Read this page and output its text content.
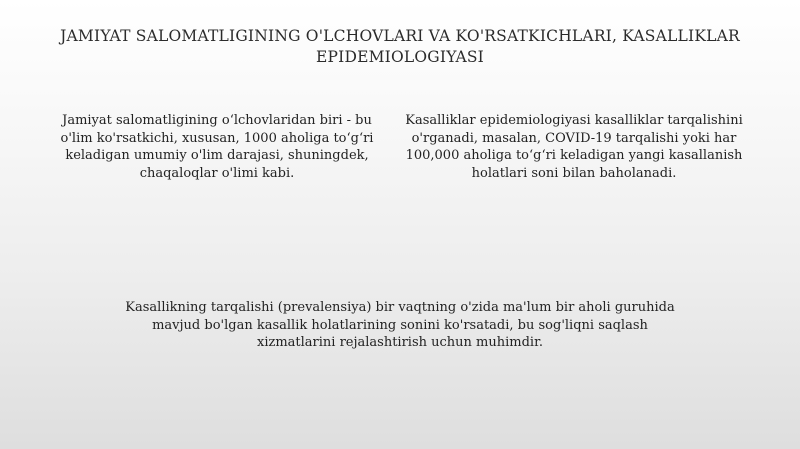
JAMIYAT SALOMATLIGINING O'LCHOVLARI VA KO'RSATKICHLARI, KASALLIKLAR EPIDEMIOLOGIYASI
Jamiyat salomatligining o‘lchovlaridan biri - bu o'lim ko'rsatkichi, xususan, 1000 aholiga to‘g‘ri keladigan umumiy o'lim darajasi, shuningdek, chaqaloqlar o'limi kabi.
Kasalliklar epidemiologiyasi kasalliklar tarqalishini o'rganadi, masalan, COVID-19 tarqalishi yoki har 100,000 aholiga to‘g‘ri keladigan yangi kasallanish holatlari soni bilan baholanadi.
Kasallikning tarqalishi (prevalensiya) bir vaqtning o'zida ma'lum bir aholi guruhida mavjud bo'lgan kasallik holatlarining sonini ko'rsatadi, bu sog'liqni saqlash xizmatlarini rejalashtirish uchun muhimdir.
